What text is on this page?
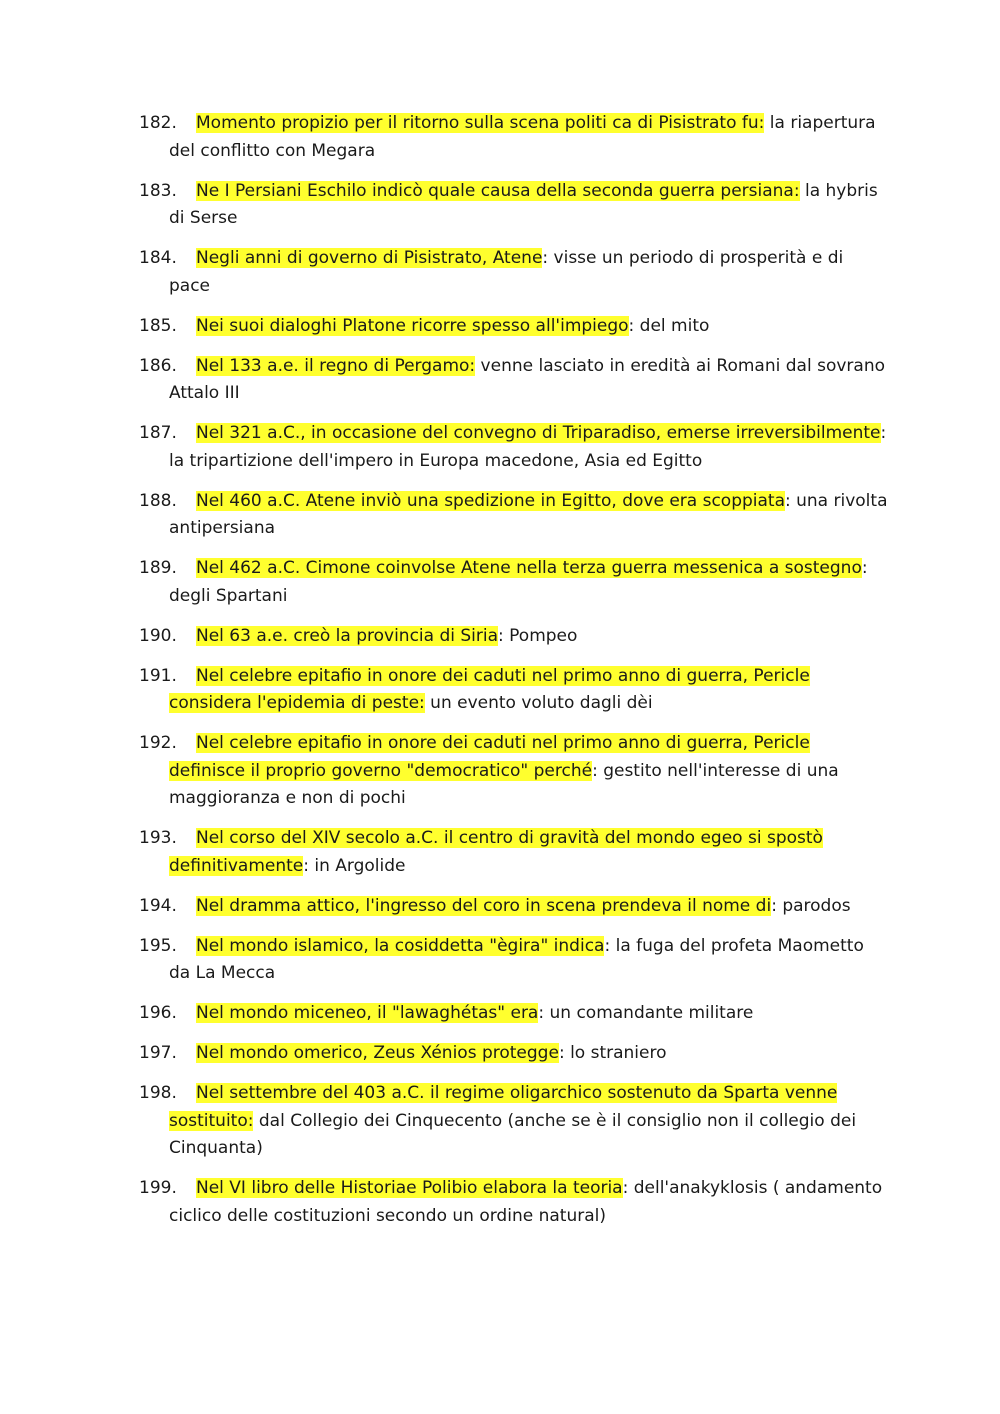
182. Momento propizio per il ritorno sulla scena politi ca di Pisistrato fu: la riapertura del conflitto con Megara
183. Ne I Persiani Eschilo indicò quale causa della seconda guerra persiana: la hybris di Serse
184. Negli anni di governo di Pisistrato, Atene: visse un periodo di prosperità e di pace
185. Nei suoi dialoghi Platone ricorre spesso all'impiego: del mito
186. Nel 133 a.e. il regno di Pergamo: venne lasciato in eredità ai Romani dal sovrano Attalo III
187. Nel 321 a.C., in occasione del convegno di Triparadiso, emerse irreversibilmente: la tripartizione dell'impero in Europa macedone, Asia ed Egitto
188. Nel 460 a.C. Atene inviò una spedizione in Egitto, dove era scoppiata: una rivolta antipersiana
189. Nel 462 a.C. Cimone coinvolse Atene nella terza guerra messenica a sostegno: degli Spartani
190. Nel 63 a.e. creò la provincia di Siria: Pompeo
191. Nel celebre epitafio in onore dei caduti nel primo anno di guerra, Pericle considera l'epidemia di peste: un evento voluto dagli dèi
192. Nel celebre epitafio in onore dei caduti nel primo anno di guerra, Pericle definisce il proprio governo "democratico" perché: gestito nell'interesse di una maggioranza e non di pochi
193. Nel corso del XIV secolo a.C. il centro di gravità del mondo egeo si spostò definitivamente: in Argolide
194. Nel dramma attico, l'ingresso del coro in scena prendeva il nome di: parodos
195. Nel mondo islamico, la cosiddetta "ègira" indica: la fuga del profeta Maometto da La Mecca
196. Nel mondo miceneo, il "lawaghétas" era: un comandante militare
197. Nel mondo omerico, Zeus Xénios protegge: lo straniero
198. Nel settembre del 403 a.C. il regime oligarchico sostenuto da Sparta venne sostituito: dal Collegio dei Cinquecento (anche se è il consiglio non il collegio dei Cinquanta)
199. Nel VI libro delle Historiae Polibio elabora la teoria: dell'anakyklosis ( andamento ciclico delle costituzioni secondo un ordine natural)
